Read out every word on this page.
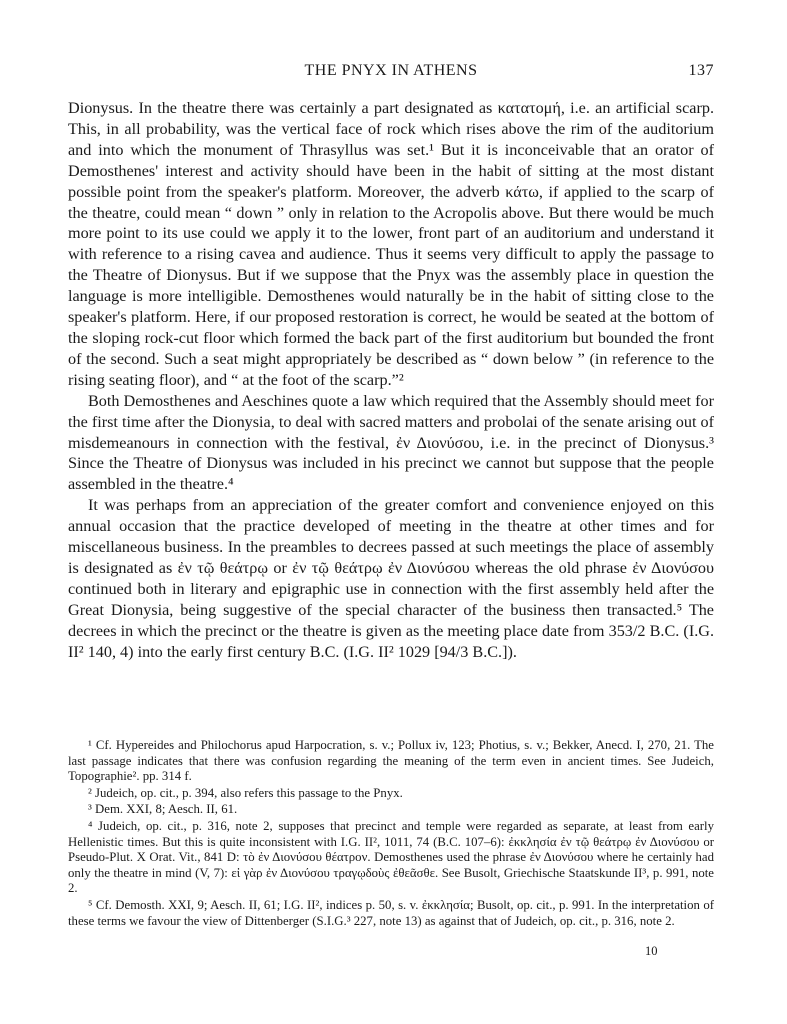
THE PNYX IN ATHENS	137

Dionysus. In the theatre there was certainly a part designated as κατατομή, i.e. an artificial scarp. This, in all probability, was the vertical face of rock which rises above the rim of the auditorium and into which the monument of Thrasyllus was set.¹ But it is inconceivable that an orator of Demosthenes' interest and activity should have been in the habit of sitting at the most distant possible point from the speaker's platform. Moreover, the adverb κάτω, if applied to the scarp of the theatre, could mean “ down ” only in relation to the Acropolis above. But there would be much more point to its use could we apply it to the lower, front part of an auditorium and understand it with reference to a rising cavea and audience. Thus it seems very difficult to apply the passage to the Theatre of Dionysus. But if we suppose that the Pnyx was the assembly place in question the language is more intelligible. Demosthenes would naturally be in the habit of sitting close to the speaker's platform. Here, if our proposed restoration is correct, he would be seated at the bottom of the sloping rock-cut floor which formed the back part of the first auditorium but bounded the front of the second. Such a seat might appropriately be described as “ down below ” (in reference to the rising seating floor), and “ at the foot of the scarp.”²

Both Demosthenes and Aeschines quote a law which required that the Assembly should meet for the first time after the Dionysia, to deal with sacred matters and probolai of the senate arising out of misdemeanours in connection with the festival, ἐν Διονύσου, i.e. in the precinct of Dionysus.³ Since the Theatre of Dionysus was included in his precinct we cannot but suppose that the people assembled in the theatre.⁴

It was perhaps from an appreciation of the greater comfort and convenience enjoyed on this annual occasion that the practice developed of meeting in the theatre at other times and for miscellaneous business. In the preambles to decrees passed at such meetings the place of assembly is designated as ἐν τῷ θεάτρῳ or ἐν τῷ θεάτρῳ ἐν Διονύσου whereas the old phrase ἐν Διονύσου continued both in literary and epigraphic use in connection with the first assembly held after the Great Dionysia, being suggestive of the special character of the business then transacted.⁵ The decrees in which the precinct or the theatre is given as the meeting place date from 353/2 B.C. (I.G. II² 140, 4) into the early first century B.C. (I.G. II² 1029 [94/3 B.C.]).

¹ Cf. Hypereides and Philochorus apud Harpocration, s. v.; Pollux iv, 123; Photius, s. v.; Bekker, Anecd. I, 270, 21. The last passage indicates that there was confusion regarding the meaning of the term even in ancient times. See Judeich, Topographie². pp. 314 f.

² Judeich, op. cit., p. 394, also refers this passage to the Pnyx.

³ Dem. XXI, 8; Aesch. II, 61.

⁴ Judeich, op. cit., p. 316, note 2, supposes that precinct and temple were regarded as separate, at least from early Hellenistic times. But this is quite inconsistent with I.G. II², 1011, 74 (B.C. 107–6): ἐκκλησία ἐν τῷ θεάτρῳ ἐν Διονύσου or Pseudo-Plut. X Orat. Vit., 841 D: τὸ ἐν Διονύσου θέατρον. Demosthenes used the phrase ἐν Διονύσου where he certainly had only the theatre in mind (V, 7): εἰ γὰρ ἐν Διονύσου τραγῳδοὺς ἐθεᾶσθε. See Busolt, Griechische Staatskunde II³, p. 991, note 2.

⁵ Cf. Demosth. XXI, 9; Aesch. II, 61; I.G. II², indices p. 50, s. v. ἐκκλησία; Busolt, op. cit., p. 991. In the interpretation of these terms we favour the view of Dittenberger (S.I.G.³ 227, note 13) as against that of Judeich, op. cit., p. 316, note 2.

10
